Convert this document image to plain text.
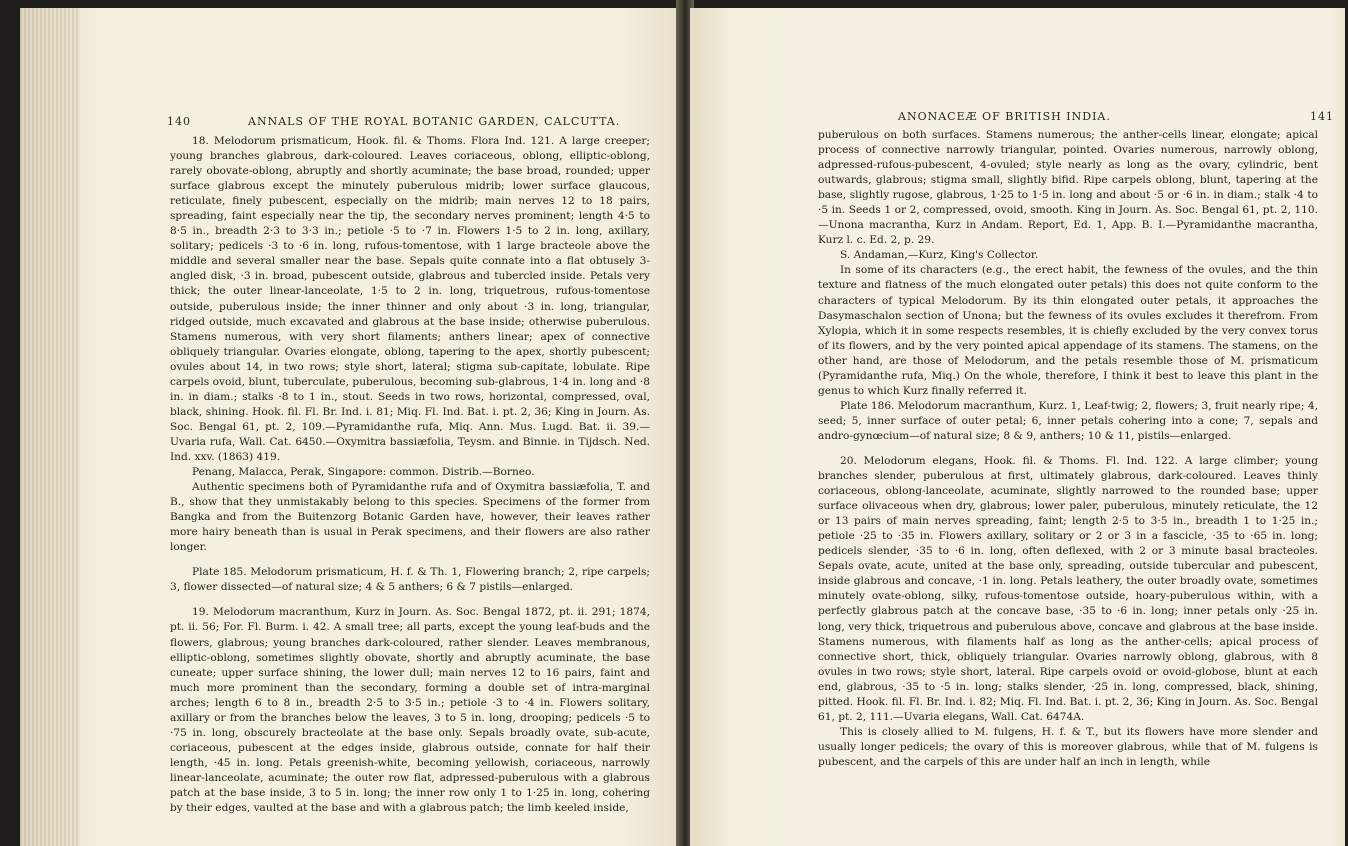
140	ANNALS OF THE ROYAL BOTANIC GARDEN, CALCUTTA.	ANONACEÆ OF BRITISH INDIA.	141

18. Melodorum prismaticum, Hook. fil. & Thoms. Flora Ind. 121. A large creeper; young branches glabrous, dark-coloured. Leaves coriaceous, oblong, elliptic-oblong, rarely obovate-oblong, abruptly and shortly acuminate; the base broad, rounded; upper surface glabrous except the minutely puberulous midrib; lower surface glaucous, reticulate, finely pubescent, especially on the midrib; main nerves 12 to 18 pairs, spreading, faint especially near the tip, the secondary nerves prominent; length 4·5 to 8·5 in., breadth 2·3 to 3·3 in.; petiole ·5 to ·7 in. Flowers 1·5 to 2 in. long, axillary, solitary; pedicels ·3 to ·6 in. long, rufous-tomentose, with 1 large bracteole above the middle and several smaller near the base. Sepals quite connate into a flat obtusely 3-angled disk, ·3 in. broad, pubescent outside, glabrous and tubercled inside. Petals very thick; the outer linear-lanceolate, 1·5 to 2 in. long, triquetrous, rufous-tomentose outside, puberulous inside; the inner thinner and only about ·3 in. long, triangular, ridged outside, much excavated and glabrous at the base inside; otherwise puberulous. Stamens numerous, with very short filaments; anthers linear; apex of connective obliquely triangular. Ovaries elongate, oblong, tapering to the apex, shortly pubescent; ovules about 14, in two rows; style short, lateral; stigma sub-capitate, lobulate. Ripe carpels ovoid, blunt, tuberculate, puberulous, becoming sub-glabrous, 1·4 in. long and ·8 in. in diam.; stalks ·8 to 1 in., stout. Seeds in two rows, horizontal, compressed, oval, black, shining. Hook. fil. Fl. Br. Ind. i. 81; Miq. Fl. Ind. Bat. i. pt. 2, 36; King in Journ. As. Soc. Bengal 61, pt. 2, 109.—Pyramidanthe rufa, Miq. Ann. Mus. Lugd. Bat. ii. 39.—Uvaria rufa, Wall. Cat. 6450.—Oxymitra bassiæfolia, Teysm. and Binnie. in Tijdsch. Ned. Ind. xxv. (1863) 419.

Penang, Malacca, Perak, Singapore: common. Distrib.—Borneo.

Authentic specimens both of Pyramidanthe rufa and of Oxymitra bassiæfolia, T. and B., show that they unmistakably belong to this species. Specimens of the former from Bangka and from the Buitenzorg Botanic Garden have, however, their leaves rather more hairy beneath than is usual in Perak specimens, and their flowers are also rather longer.

Plate 185. Melodorum prismaticum, H. f. & Th. 1, Flowering branch; 2, ripe carpels; 3, flower dissected—of natural size; 4 & 5 anthers; 6 & 7 pistils—enlarged.

19. Melodorum macranthum, Kurz in Journ. As. Soc. Bengal 1872, pt. ii. 291; 1874, pt. ii. 56; For. Fl. Burm. i. 42. A small tree; all parts, except the young leaf-buds and the flowers, glabrous; young branches dark-coloured, rather slender. Leaves membranous, elliptic-oblong, sometimes slightly obovate, shortly and abruptly acuminate, the base cuneate; upper surface shining, the lower dull; main nerves 12 to 16 pairs, faint and much more prominent than the secondary, forming a double set of intra-marginal arches; length 6 to 8 in., breadth 2·5 to 3·5 in.; petiole ·3 to ·4 in. Flowers solitary, axillary or from the branches below the leaves, 3 to 5 in. long, drooping; pedicels ·5 to ·75 in. long, obscurely bracteolate at the base only. Sepals broadly ovate, sub-acute, coriaceous, pubescent at the edges inside, glabrous outside, connate for half their length, ·45 in. long. Petals greenish-white, becoming yellowish, coriaceous, narrowly linear-lanceolate, acuminate; the outer row flat, adpressed-puberulous with a glabrous patch at the base inside, 3 to 5 in. long; the inner row only 1 to 1·25 in. long, cohering by their edges, vaulted at the base and with a glabrous patch; the limb keeled inside,

puberulous on both surfaces. Stamens numerous; the anther-cells linear, elongate; apical process of connective narrowly triangular, pointed. Ovaries numerous, narrowly oblong, adpressed-rufous-pubescent, 4-ovuled; style nearly as long as the ovary, cylindric, bent outwards, glabrous; stigma small, slightly bifid. Ripe carpels oblong, blunt, tapering at the base, slightly rugose, glabrous, 1·25 to 1·5 in. long and about ·5 or ·6 in. in diam.; stalk ·4 to ·5 in. Seeds 1 or 2, compressed, ovoid, smooth. King in Journ. As. Soc. Bengal 61, pt. 2, 110.—Unona macrantha, Kurz in Andam. Report, Ed. 1, App. B. I.—Pyramidanthe macrantha, Kurz l. c. Ed. 2, p. 29.

S. Andaman,—Kurz, King's Collector.

In some of its characters (e.g., the erect habit, the fewness of the ovules, and the thin texture and flatness of the much elongated outer petals) this does not quite conform to the characters of typical Melodorum. By its thin elongated outer petals, it approaches the Dasymaschalon section of Unona; but the fewness of its ovules excludes it therefrom. From Xylopia, which it in some respects resembles, it is chiefly excluded by the very convex torus of its flowers, and by the very pointed apical appendage of its stamens. The stamens, on the other hand, are those of Melodorum, and the petals resemble those of M. prismaticum (Pyramidanthe rufa, Miq.) On the whole, therefore, I think it best to leave this plant in the genus to which Kurz finally referred it.

Plate 186. Melodorum macranthum, Kurz. 1, Leaf-twig; 2, flowers; 3, fruit nearly ripe; 4, seed; 5, inner surface of outer petal; 6, inner petals cohering into a cone; 7, sepals and andro-gynœcium—of natural size; 8 & 9, anthers; 10 & 11, pistils—enlarged.

20. Melodorum elegans, Hook. fil. & Thoms. Fl. Ind. 122. A large climber; young branches slender, puberulous at first, ultimately glabrous, dark-coloured. Leaves thinly coriaceous, oblong-lanceolate, acuminate, slightly narrowed to the rounded base; upper surface olivaceous when dry, glabrous; lower paler, puberulous, minutely reticulate, the 12 or 13 pairs of main nerves spreading, faint; length 2·5 to 3·5 in., breadth 1 to 1·25 in.; petiole ·25 to ·35 in. Flowers axillary, solitary or 2 or 3 in a fascicle, ·35 to ·65 in. long; pedicels slender, ·35 to ·6 in. long, often deflexed, with 2 or 3 minute basal bracteoles. Sepals ovate, acute, united at the base only, spreading, outside tubercular and pubescent, inside glabrous and concave, ·1 in. long. Petals leathery, the outer broadly ovate, sometimes minutely ovate-oblong, silky, rufous-tomentose outside, hoary-puberulous within, with a perfectly glabrous patch at the concave base, ·35 to ·6 in. long; inner petals only ·25 in. long, very thick, triquetrous and puberulous above, concave and glabrous at the base inside. Stamens numerous, with filaments half as long as the anther-cells; apical process of connective short, thick, obliquely triangular. Ovaries narrowly oblong, glabrous, with 8 ovules in two rows; style short, lateral. Ripe carpels ovoid or ovoid-globose, blunt at each end, glabrous, ·35 to ·5 in. long; stalks slender, ·25 in. long, compressed, black, shining, pitted. Hook. fil. Fl. Br. Ind. i. 82; Miq. Fl. Ind. Bat. i. pt. 2, 36; King in Journ. As. Soc. Bengal 61, pt. 2, 111.—Uvaria elegans, Wall. Cat. 6474A.

This is closely allied to M. fulgens, H. f. & T., but its flowers have more slender and usually longer pedicels; the ovary of this is moreover glabrous, while that of M. fulgens is pubescent, and the carpels of this are under half an inch in length, while
